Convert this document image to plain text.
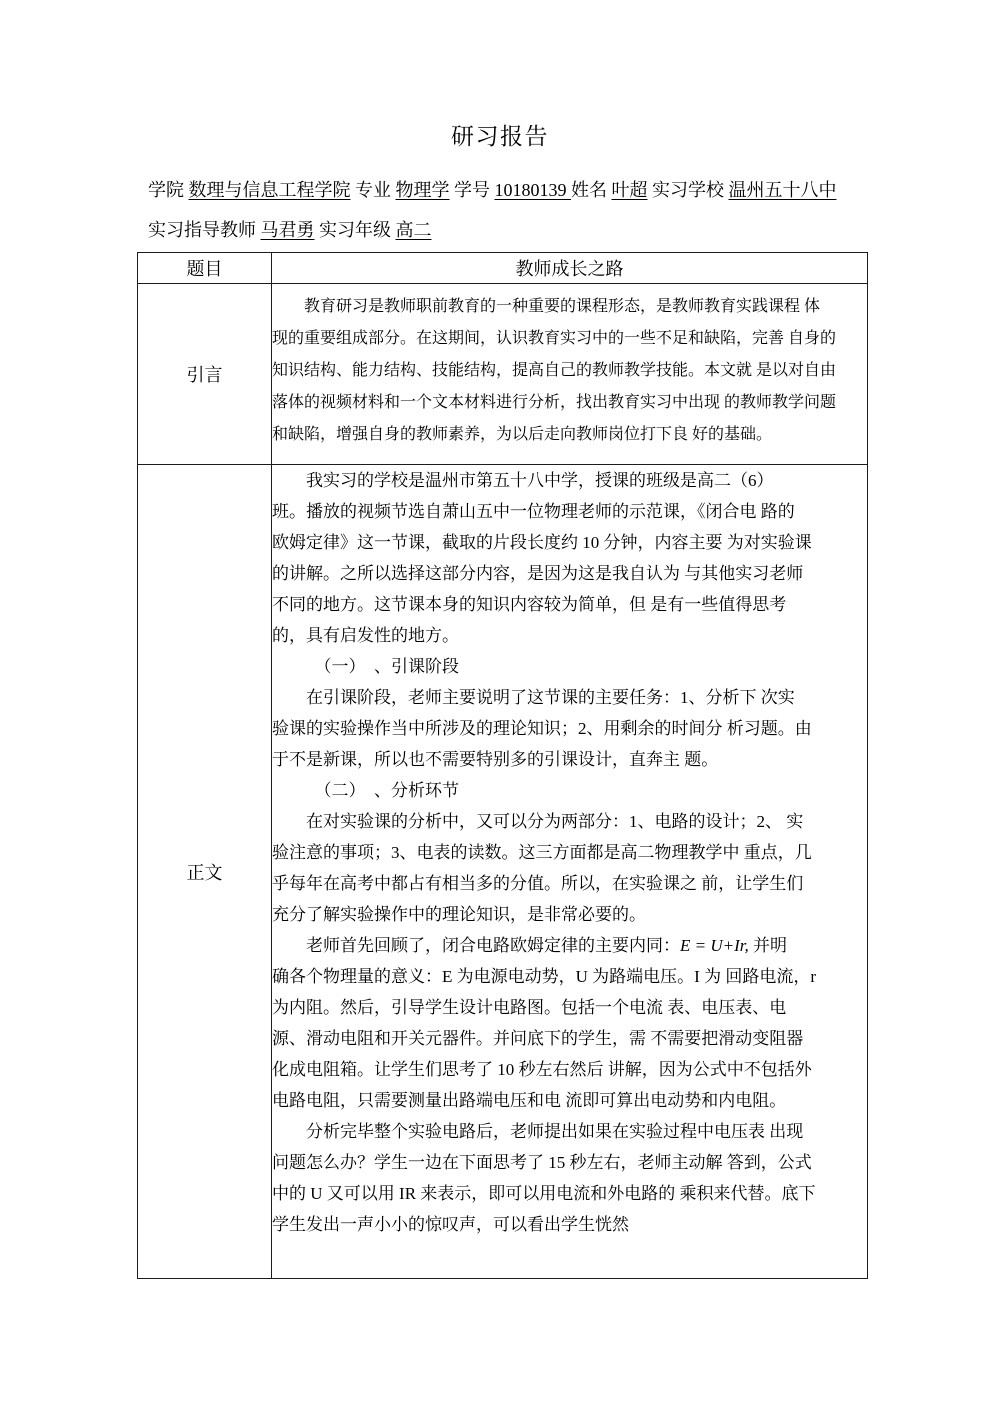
研习报告

学院 数理与信息工程学院 专业 物理学 学号 10180139 姓名 叶超 实习学校 温州五十八中
实习指导教师 马君勇 实习年级 高二

题目	教师成长之路
引言	　　教育研习是教师职前教育的一种重要的课程形态，是教师教育实践课程 体
现的重要组成部分。在这期间，认识教育实习中的一些不足和缺陷，完善 自身的
知识结构、能力结构、技能结构，提高自己的教师教学技能。本文就 是以对自由
落体的视频材料和一个文本材料进行分析，找出教育实习中出现 的教师教学问题
和缺陷，增强自身的教师素养，为以后走向教师岗位打下良 好的基础。
正文	　　我实习的学校是温州市第五十八中学，授课的班级是高二（6）
班。播放的视频节选自萧山五中一位物理老师的示范课，《闭合电 路的
欧姆定律》这一节课，截取的片段长度约 10 分钟，内容主要 为对实验课
的讲解。之所以选择这部分内容，是因为这是我自认为 与其他实习老师
不同的地方。这节课本身的知识内容较为简单，但 是有一些值得思考
的，具有启发性的地方。
　　　（一）　、引课阶段
　　在引课阶段，老师主要说明了这节课的主要任务：1、分析下 次实
验课的实验操作当中所涉及的理论知识；2、用剩余的时间分 析习题。由
于不是新课，所以也不需要特别多的引课设计，直奔主 题。
　　　（二）　、分析环节
　　在对实验课的分析中，又可以分为两部分：1、电路的设计；2、 实
验注意的事项；3、电表的读数。这三方面都是高二物理教学中 重点，几
乎每年在高考中都占有相当多的分值。所以，在实验课之 前，让学生们
充分了解实验操作中的理论知识，是非常必要的。
　　老师首先回顾了，闭合电路欧姆定律的主要内同：E = U+Ir, 并明
确各个物理量的意义：E 为电源电动势，U 为路端电压。I 为 回路电流，r
为内阻。然后，引导学生设计电路图。包括一个电流 表、电压表、电
源、滑动电阻和开关元器件。并问底下的学生，需 不需要把滑动变阻器
化成电阻箱。让学生们思考了 10 秒左右然后 讲解，因为公式中不包括外
电路电阻，只需要测量出路端电压和电 流即可算出电动势和内电阻。
　　分析完毕整个实验电路后，老师提出如果在实验过程中电压表 出现
问题怎么办？学生一边在下面思考了 15 秒左右，老师主动解 答到，公式
中的 U 又可以用 IR 来表示，即可以用电流和外电路的 乘积来代替。底下
学生发出一声小小的惊叹声，可以看出学生恍然
